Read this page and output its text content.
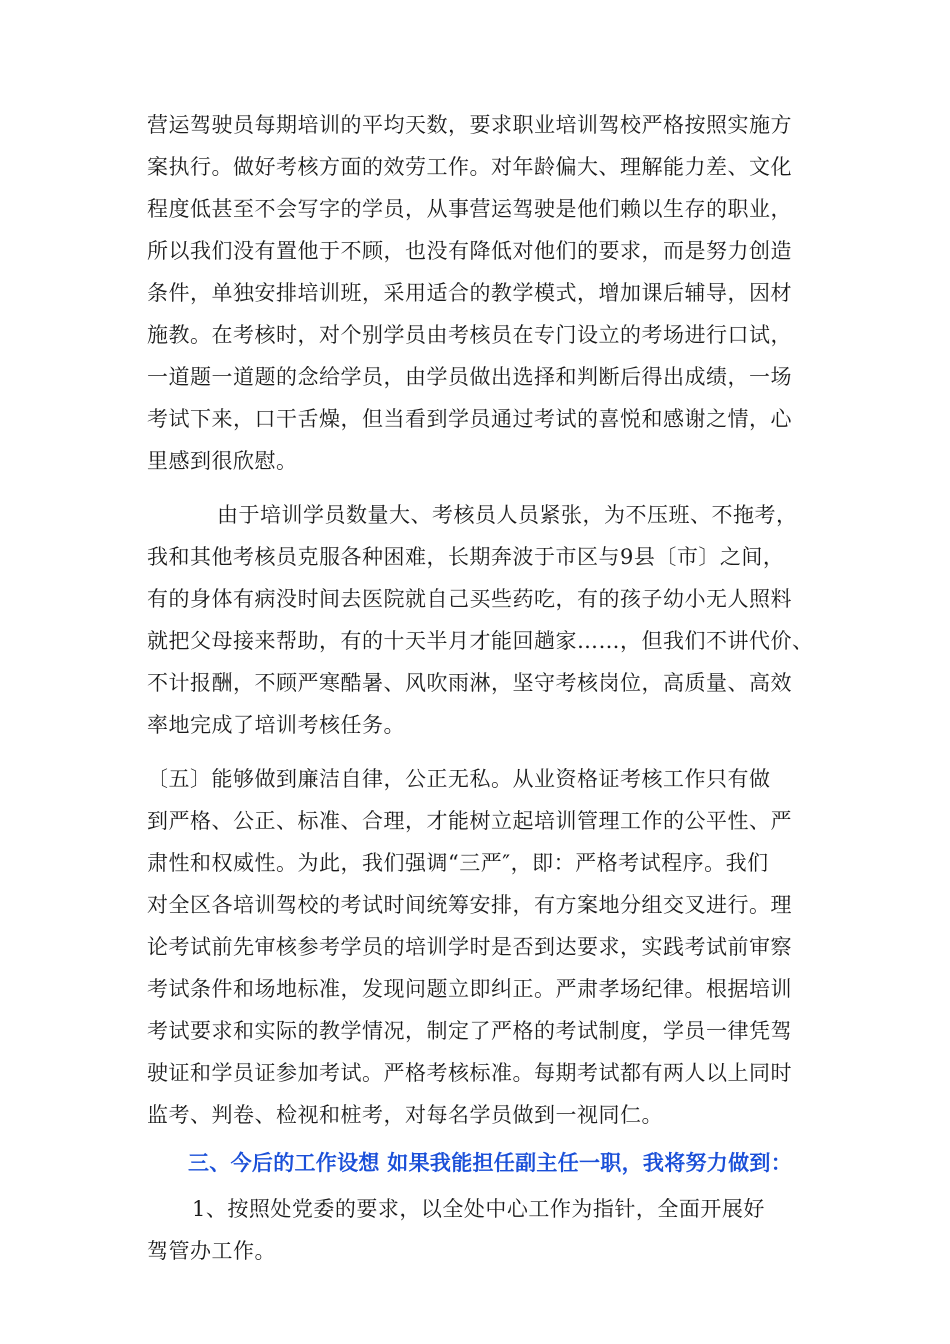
营运驾驶员每期培训的平均天数，要求职业培训驾校严格按照实施方
案执行。做好考核方面的效劳工作。对年龄偏大、理解能力差、文化
程度低甚至不会写字的学员，从事营运驾驶是他们赖以生存的职业，
所以我们没有置他于不顾，也没有降低对他们的要求，而是努力创造
条件，单独安排培训班，采用适合的教学模式，增加课后辅导，因材
施教。在考核时，对个别学员由考核员在专门设立的考场进行口试，
一道题一道题的念给学员，由学员做出选择和判断后得出成绩，一场
考试下来，口干舌燥，但当看到学员通过考试的喜悦和感谢之情，心
里感到很欣慰。
由于培训学员数量大、考核员人员紧张，为不压班、不拖考，
我和其他考核员克服各种困难，长期奔波于市区与9县〔市〕之间，
有的身体有病没时间去医院就自己买些药吃，有的孩子幼小无人照料
就把父母接来帮助，有的十天半月才能回趟家……，但我们不讲代价、
不计报酬，不顾严寒酷暑、风吹雨淋，坚守考核岗位，高质量、高效
率地完成了培训考核任务。
〔五〕能够做到廉洁自律，公正无私。从业资格证考核工作只有做
到严格、公正、标准、合理，才能树立起培训管理工作的公平性、严
肃性和权威性。为此，我们强调“三严″，即：严格考试程序。我们
对全区各培训驾校的考试时间统筹安排，有方案地分组交叉进行。理
论考试前先审核参考学员的培训学时是否到达要求，实践考试前审察
考试条件和场地标准，发现问题立即纠正。严肃孝场纪律。根据培训
考试要求和实际的教学情况，制定了严格的考试制度，学员一律凭驾
驶证和学员证参加考试。严格考核标准。每期考试都有两人以上同时
监考、判卷、检视和桩考，对每名学员做到一视同仁。
三、今后的工作设想 如果我能担任副主任一职，我将努力做到：
1、按照处党委的要求，以全处中心工作为指针，全面开展好
驾管办工作。
